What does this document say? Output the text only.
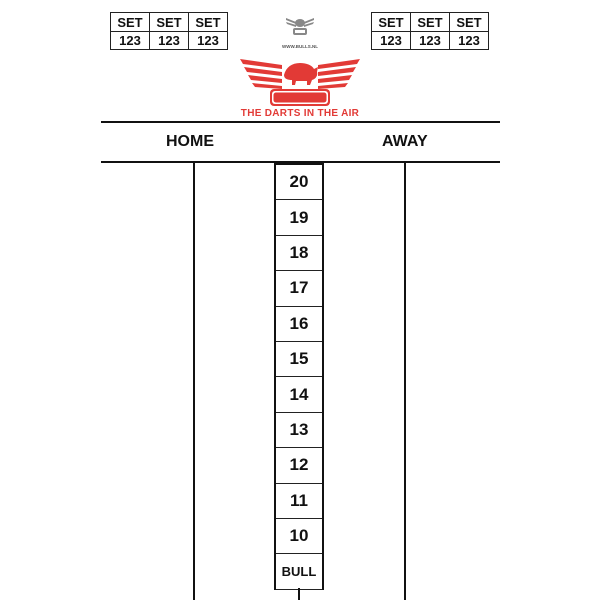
SET	SET	SET
123	123	123
SET	SET	SET
123	123	123
WWW.BULLS.NL
THE DARTS IN THE AIR
HOME	AWAY
20
19
18
17
16
15
14
13
12
11
10
BULL
